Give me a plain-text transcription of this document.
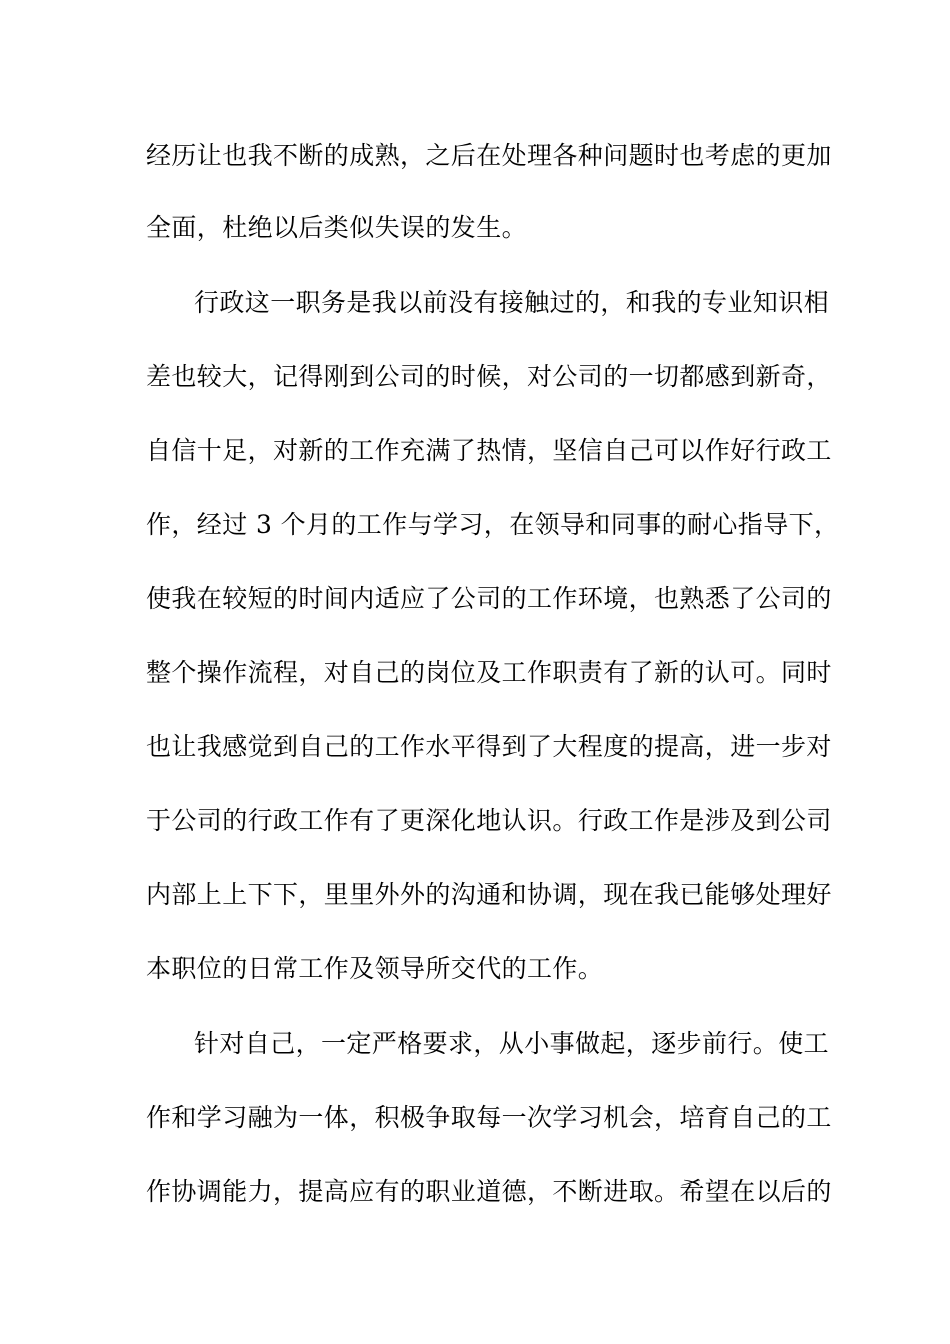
经历让也我不断的成熟，之后在处理各种问题时也考虑的更加
全面，杜绝以后类似失误的发生。
行政这一职务是我以前没有接触过的，和我的专业知识相
差也较大，记得刚到公司的时候，对公司的一切都感到新奇，
自信十足，对新的工作充满了热情，坚信自己可以作好行政工
作，经过 3 个月的工作与学习，在领导和同事的耐心指导下，
使我在较短的时间内适应了公司的工作环境，也熟悉了公司的
整个操作流程，对自己的岗位及工作职责有了新的认可。同时
也让我感觉到自己的工作水平得到了大程度的提高，进一步对
于公司的行政工作有了更深化地认识。行政工作是涉及到公司
内部上上下下，里里外外的沟通和协调，现在我已能够处理好
本职位的日常工作及领导所交代的工作。
针对自己，一定严格要求，从小事做起，逐步前行。使工
作和学习融为一体，积极争取每一次学习机会，培育自己的工
作协调能力，提高应有的职业道德，不断进取。希望在以后的
